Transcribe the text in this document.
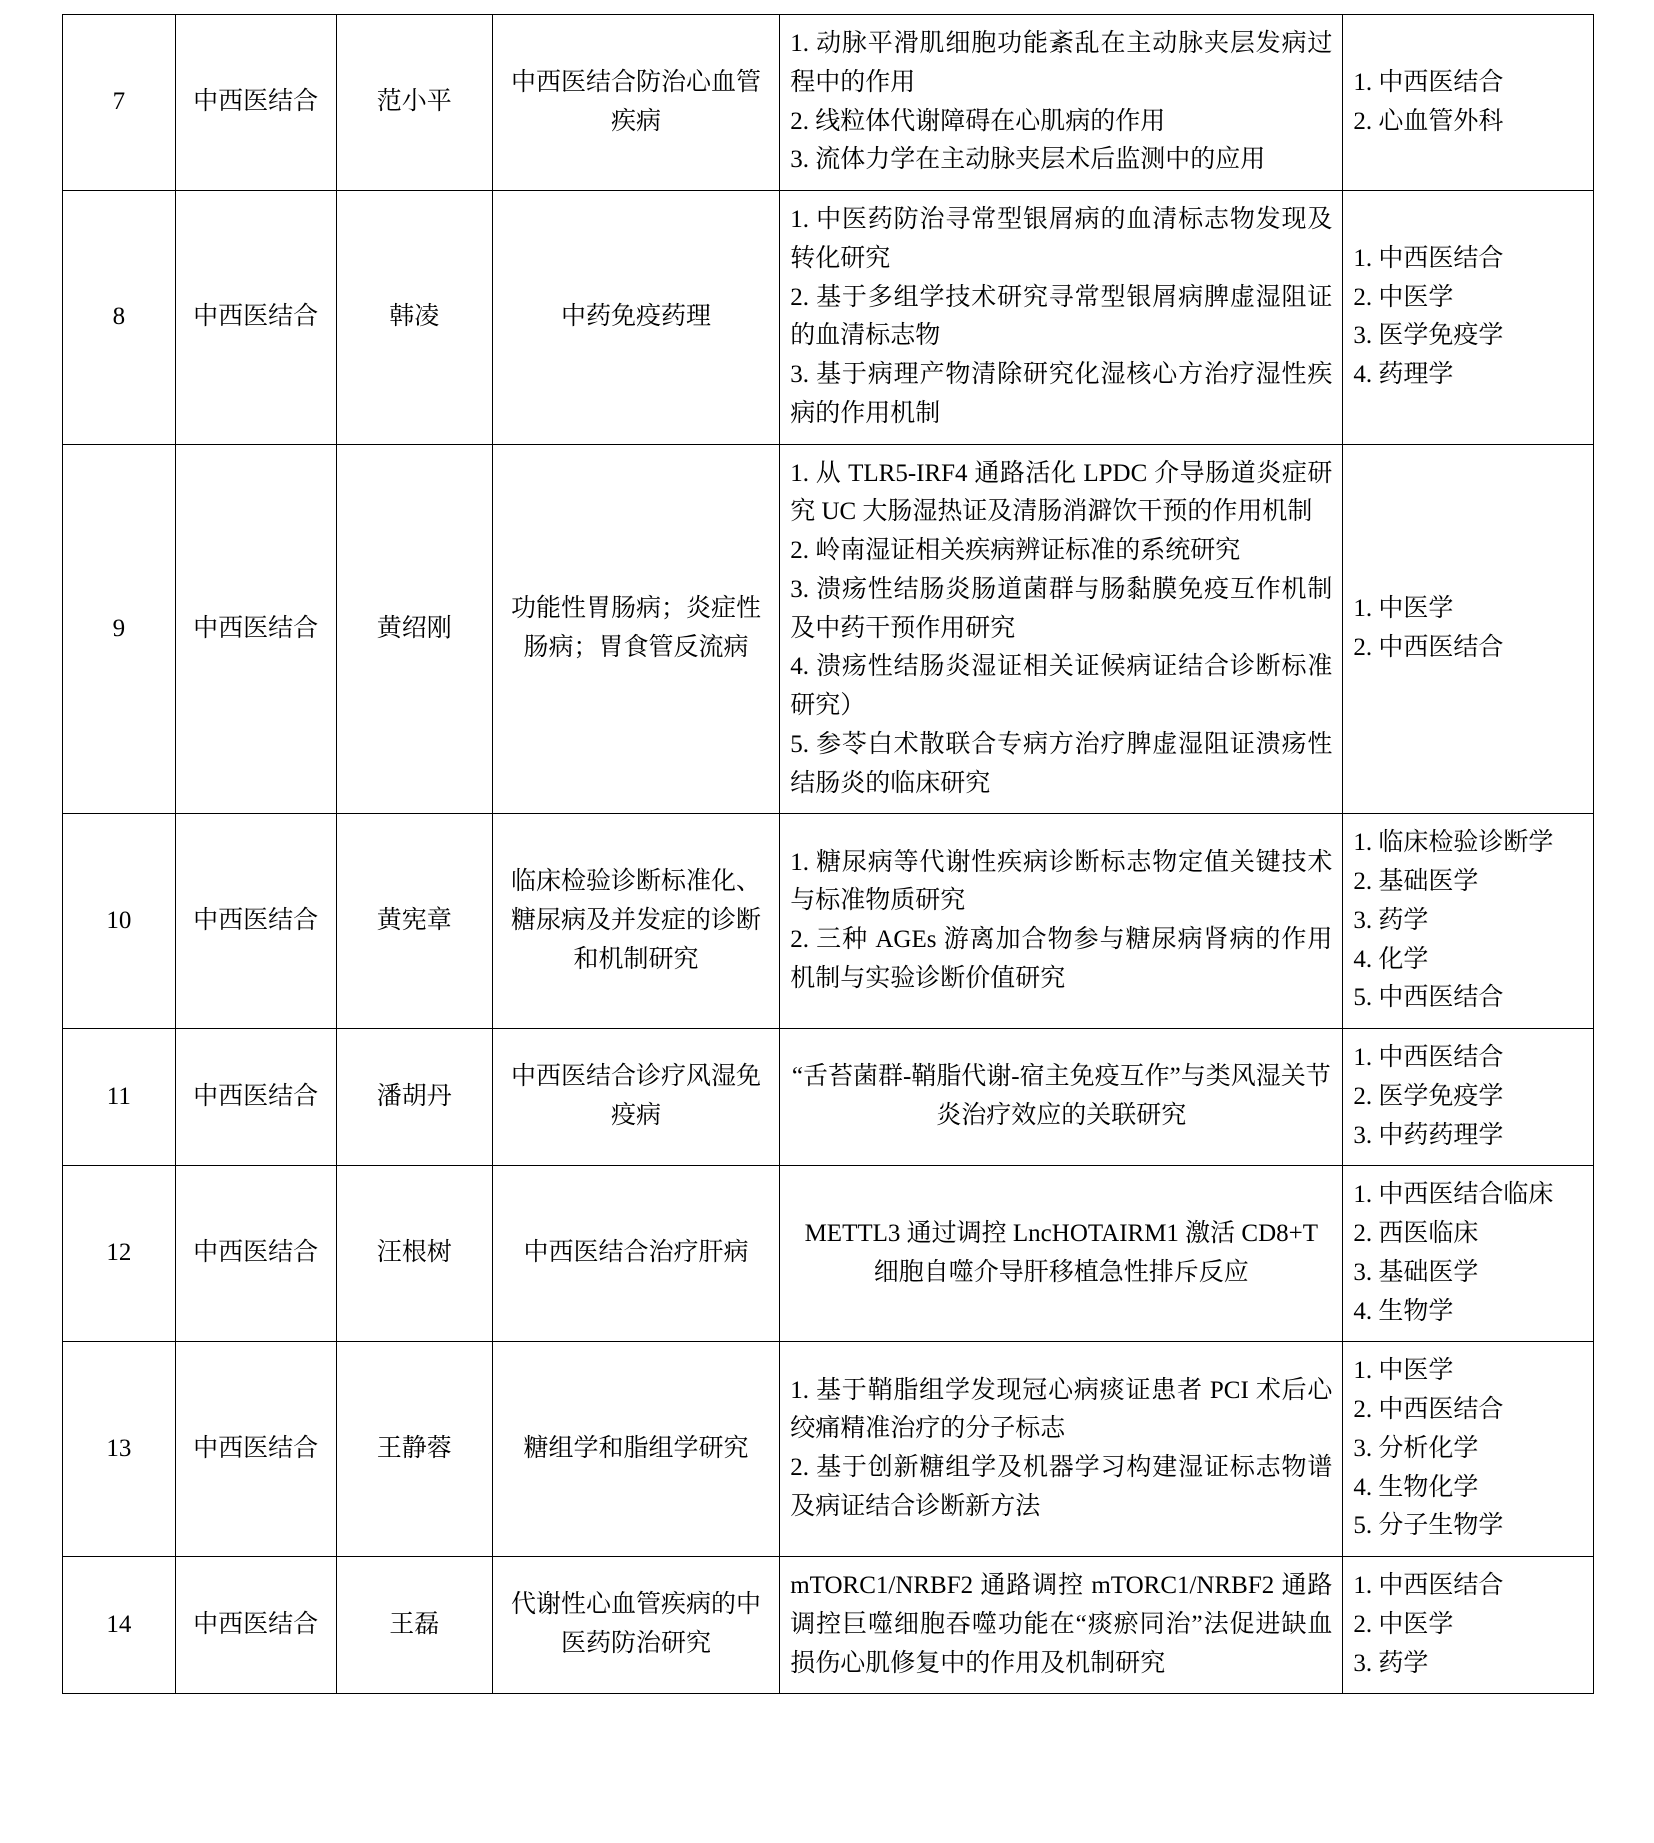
7	中西医结合	范小平	中西医结合防治心血管疾病	1. 动脉平滑肌细胞功能紊乱在主动脉夹层发病过程中的作用
2. 线粒体代谢障碍在心肌病的作用
3. 流体力学在主动脉夹层术后监测中的应用	1. 中西医结合
2. 心血管外科

8	中西医结合	韩凌	中药免疫药理	1. 中医药防治寻常型银屑病的血清标志物发现及转化研究
2. 基于多组学技术研究寻常型银屑病脾虚湿阻证的血清标志物
3. 基于病理产物清除研究化湿核心方治疗湿性疾病的作用机制	1. 中西医结合
2. 中医学
3. 医学免疫学
4. 药理学

9	中西医结合	黄绍刚	功能性胃肠病；炎症性肠病；胃食管反流病	1. 从 TLR5-IRF4 通路活化 LPDC 介导肠道炎症研究 UC 大肠湿热证及清肠消澼饮干预的作用机制
2. 岭南湿证相关疾病辨证标准的系统研究
3. 溃疡性结肠炎肠道菌群与肠黏膜免疫互作机制及中药干预作用研究
4. 溃疡性结肠炎湿证相关证候病证结合诊断标准研究）
5. 参苓白术散联合专病方治疗脾虚湿阻证溃疡性结肠炎的临床研究	1. 中医学
2. 中西医结合

10	中西医结合	黄宪章	临床检验诊断标准化、糖尿病及并发症的诊断和机制研究	1. 糖尿病等代谢性疾病诊断标志物定值关键技术与标准物质研究
2. 三种 AGEs 游离加合物参与糖尿病肾病的作用机制与实验诊断价值研究	1. 临床检验诊断学
2. 基础医学
3. 药学
4. 化学
5. 中西医结合

11	中西医结合	潘胡丹	中西医结合诊疗风湿免疫病	“舌苔菌群-鞘脂代谢-宿主免疫互作”与类风湿关节炎治疗效应的关联研究	1. 中西医结合
2. 医学免疫学
3. 中药药理学

12	中西医结合	汪根树	中西医结合治疗肝病	METTL3 通过调控 LncHOTAIRM1 激活 CD8+T 细胞自噬介导肝移植急性排斥反应	1. 中西医结合临床
2. 西医临床
3. 基础医学
4. 生物学

13	中西医结合	王静蓉	糖组学和脂组学研究	1. 基于鞘脂组学发现冠心病痰证患者 PCI 术后心绞痛精准治疗的分子标志
2. 基于创新糖组学及机器学习构建湿证标志物谱及病证结合诊断新方法	1. 中医学
2. 中西医结合
3. 分析化学
4. 生物化学
5. 分子生物学

14	中西医结合	王磊	代谢性心血管疾病的中医药防治研究	mTORC1/NRBF2 通路调控 mTORC1/NRBF2 通路调控巨噬细胞吞噬功能在“痰瘀同治”法促进缺血损伤心肌修复中的作用及机制研究	1. 中西医结合
2. 中医学
3. 药学
